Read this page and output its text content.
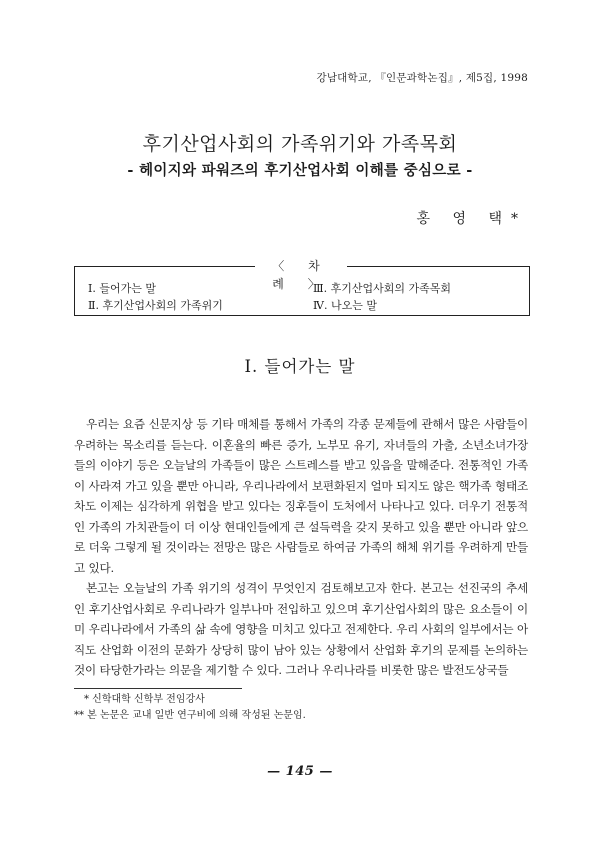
강남대학교, 『인문과학논집』, 제5집, 1998
후기산업사회의 가족위기와 가족목회
- 헤이지와 파워즈의 후기산업사회 이해를 중심으로 -
홍 영 택*
〈 차 례 〉
Ⅰ. 들어가는 말
Ⅱ. 후기산업사회의 가족위기
Ⅲ. 후기산업사회의 가족목회
Ⅳ. 나오는 말
Ⅰ. 들어가는 말

우리는 요즘 신문지상 등 기타 매체를 통해서 가족의 각종 문제들에 관해서 많은 사람들이 우려하는 목소리를 듣는다. 이혼율의 빠른 증가, 노부모 유기, 자녀들의 가출, 소년소녀가장들의 이야기 등은 오늘날의 가족들이 많은 스트레스를 받고 있음을 말해준다. 전통적인 가족이 사라져 가고 있을 뿐만 아니라, 우리나라에서 보편화된지 얼마 되지도 않은 핵가족 형태조차도 이제는 심각하게 위협을 받고 있다는 징후들이 도처에서 나타나고 있다. 더우기 전통적인 가족의 가치관들이 더 이상 현대인들에게 큰 설득력을 갖지 못하고 있을 뿐만 아니라 앞으로 더욱 그렇게 될 것이라는 전망은 많은 사람들로 하여금 가족의 해체 위기를 우려하게 만들고 있다.

본고는 오늘날의 가족 위기의 성격이 무엇인지 검토해보고자 한다. 본고는 선진국의 추세인 후기산업사회로 우리나라가 일부나마 전입하고 있으며 후기산업사회의 많은 요소들이 이미 우리나라에서 가족의 삶 속에 영향을 미치고 있다고 전제한다. 우리 사회의 일부에서는 아직도 산업화 이전의 문화가 상당히 많이 남아 있는 상황에서 산업화 후기의 문제를 논의하는 것이 타당한가라는 의문을 제기할 수 있다. 그러나 우리나라를 비롯한 많은 발전도상국들

* 신학대학 신학부 전임강사
** 본 논문은 교내 일반 연구비에 의해 작성된 논문임.
— 145 —
